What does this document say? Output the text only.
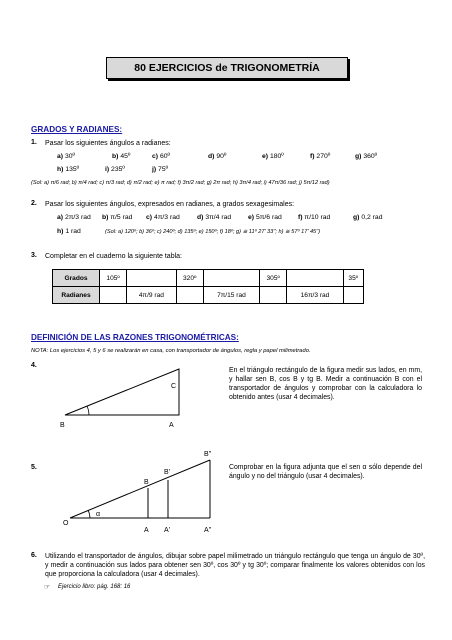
80 EJERCICIOS de TRIGONOMETRÍA
GRADOS Y RADIANES:
1. Pasar los siguientes ángulos a radianes:
a) 30º	b) 45º	c) 60º	d) 90º	e) 180º	f) 270º	g) 360º
h) 135º	i) 235º	j) 75º
(Sol: a) π/6 rad; b) π/4 rad; c) π/3 rad; d) π/2 rad; e) π rad; f) 3π/2 rad; g) 2π rad; h) 3π/4 rad; i) 47π/36 rad; j) 5π/12 rad)
2. Pasar los siguientes ángulos, expresados en radianes, a grados sexagesimales:
a) 2π/3 rad b) π/5 rad c) 4π/3 rad	d) 3π/4 rad e) 5π/6 rad f) π/10 rad	g) 0,2 rad
h) 1 rad	(Sol: a) 120º; b) 36º; c) 240º; d) 135º; e) 150º; f) 18º; g) ≅ 11º 27' 33''; h) ≅ 57º 17' 45'')
3. Completar en el cuaderno la siguiente tabla:
Grados	105º		320º		305º		35º
Radianes		4π/9 rad		7π/15 rad		16π/3 rad	
DEFINICIÓN DE LAS RAZONES TRIGONOMÉTRICAS:
NOTA: Los ejercicios 4, 5 y 6 se realizarán en casa, con transportador de ángulos, regla y papel milimetrado.
4.
B	A
C
En el triángulo rectángulo de la figura medir sus lados, en mm, y hallar sen B, cos B y tg B. Medir a continuación B con el transportador de ángulos y comprobar con la calculadora lo obtenido antes (usar 4 decimales).
5.
O
α
A A'	A''
B
B'
B''
Comprobar en la figura adjunta que el sen α sólo depende del ángulo y no del triángulo (usar 4 decimales).
6. Utilizando el transportador de ángulos, dibujar sobre papel milimetrado un triángulo rectángulo que tenga un ángulo de 30º, y medir a continuación sus lados para obtener sen 30º, cos 30º y tg 30º; comparar finalmente los valores obtenidos con los que proporciona la calculadora (usar 4 decimales).
☞ Ejercicio libro: pág. 168: 16
